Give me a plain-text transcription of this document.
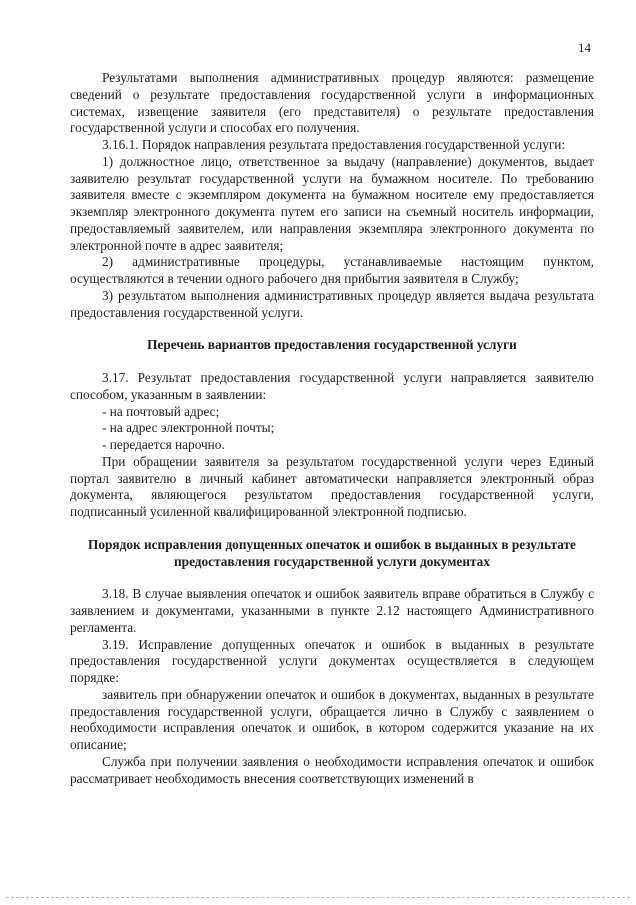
14

Результатами выполнения административных процедур являются: размещение сведений о результате предоставления государственной услуги в информационных системах, извещение заявителя (его представителя) о результате предоставления государственной услуги и способах его получения.

3.16.1. Порядок направления результата предоставления государственной услуги:

1) должностное лицо, ответственное за выдачу (направление) документов, выдает заявителю результат государственной услуги на бумажном носителе. По требованию заявителя вместе с экземпляром документа на бумажном носителе ему предоставляется экземпляр электронного документа путем его записи на съемный носитель информации, предоставляемый заявителем, или направления экземпляра электронного документа по электронной почте в адрес заявителя;

2) административные процедуры, устанавливаемые настоящим пунктом, осуществляются в течении одного рабочего дня прибытия заявителя в Службу;

3) результатом выполнения административных процедур является выдача результата предоставления государственной услуги.

Перечень вариантов предоставления государственной услуги

3.17. Результат предоставления государственной услуги направляется заявителю способом, указанным в заявлении:

- на почтовый адрес;

- на адрес электронной почты;

- передается нарочно.

При обращении заявителя за результатом государственной услуги через Единый портал заявителю в личный кабинет автоматически направляется электронный образ документа, являющегося результатом предоставления государственной услуги, подписанный усиленной квалифицированной электронной подписью.

Порядок исправления допущенных опечаток и ошибок в выданных в результате предоставления государственной услуги документах

3.18. В случае выявления опечаток и ошибок заявитель вправе обратиться в Службу с заявлением и документами, указанными в пункте 2.12 настоящего Административного регламента.

3.19. Исправление допущенных опечаток и ошибок в выданных в результате предоставления государственной услуги документах осуществляется в следующем порядке:

заявитель при обнаружении опечаток и ошибок в документах, выданных в результате предоставления государственной услуги, обращается лично в Службу с заявлением о необходимости исправления опечаток и ошибок, в котором содержится указание на их описание;

Служба при получении заявления о необходимости исправления опечаток и ошибок рассматривает необходимость внесения соответствующих изменений в
